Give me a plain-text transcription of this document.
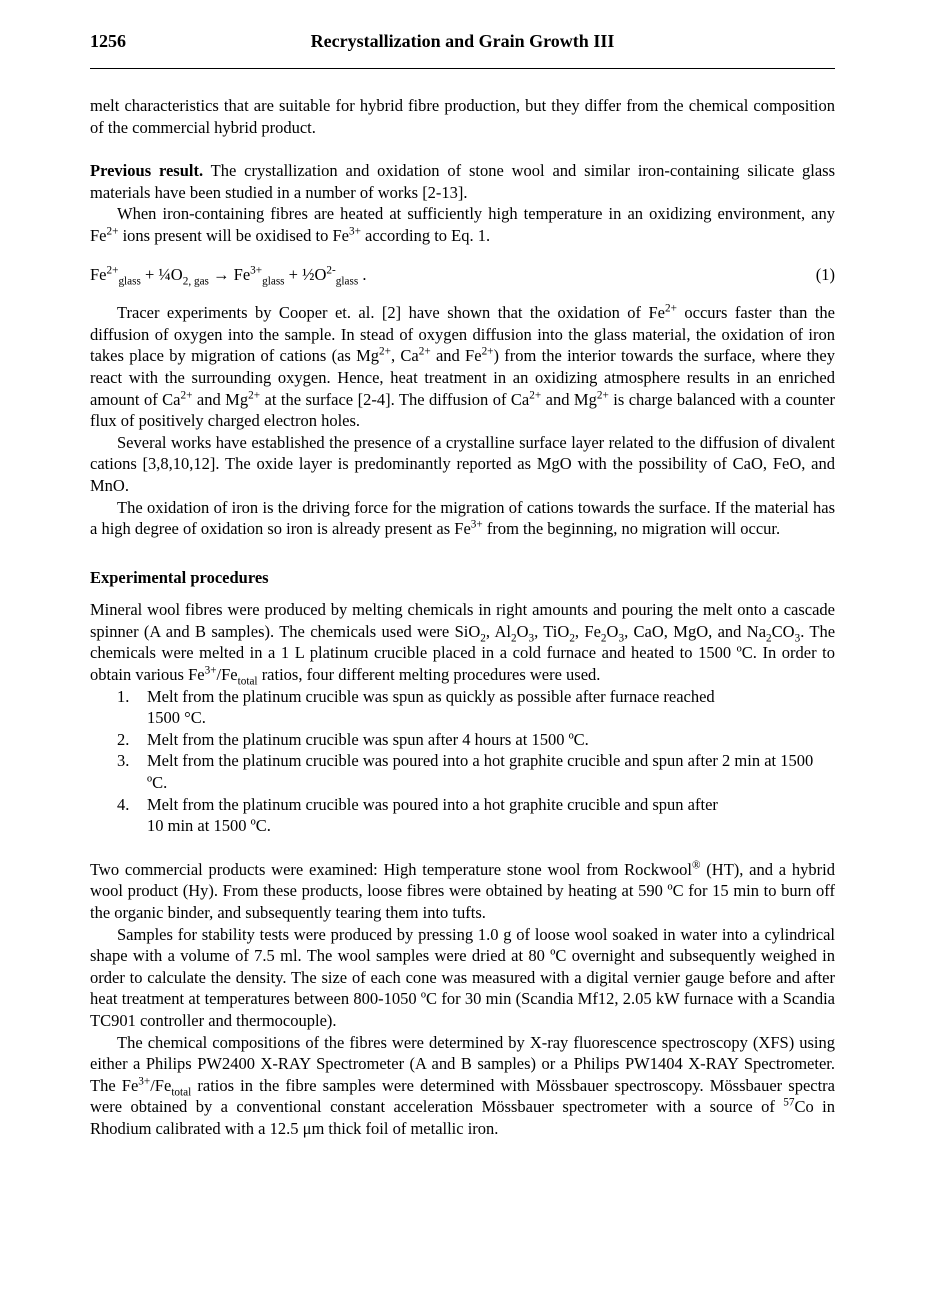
1256	Recrystallization and Grain Growth III

melt characteristics that are suitable for hybrid fibre production, but they differ from the chemical composition of the commercial hybrid product.

Previous result. The crystallization and oxidation of stone wool and similar iron-containing silicate glass materials have been studied in a number of works [2-13].

When iron-containing fibres are heated at sufficiently high temperature in an oxidizing environment, any $Fe^{2+}$ ions present will be oxidised to $Fe^{3+}$ according to Eq. 1.

$Fe^{2+}_{glass}$ + $\frac{1}{4}O_{2, gas} \to Fe^{3+}_{glass}$ + $\frac{1}{2}O^{2-}_{glass}$ .	(1)

Tracer experiments by Cooper et. al. [2] have shown that the oxidation of $Fe^{2+}$ occurs faster than the diffusion of oxygen into the sample. In stead of oxygen diffusion into the glass material, the oxidation of iron takes place by migration of cations (as $Mg^{2+}$, $Ca^{2+}$ and $Fe^{2+}$) from the interior towards the surface, where they react with the surrounding oxygen. Hence, heat treatment in an oxidizing atmosphere results in an enriched amount of $Ca^{2+}$ and $Mg^{2+}$ at the surface [2-4]. The diffusion of $Ca^{2+}$ and $Mg^{2+}$ is charge balanced with a counter flux of positively charged electron holes.

Several works have established the presence of a crystalline surface layer related to the diffusion of divalent cations [3,8,10,12]. The oxide layer is predominantly reported as MgO with the possibility of CaO, FeO, and MnO.

The oxidation of iron is the driving force for the migration of cations towards the surface. If the material has a high degree of oxidation so iron is already present as $Fe^{3+}$ from the beginning, no migration will occur.

Experimental procedures

Mineral wool fibres were produced by melting chemicals in right amounts and pouring the melt onto a cascade spinner (A and B samples). The chemicals used were SiO$_2$, $Al_2O_3$, TiO$_2$, $Fe_2O_3$, CaO, MgO, and $Na_2CO_3$. The chemicals were melted in a 1 L platinum crucible placed in a cold furnace and heated to 1500 ºC. In order to obtain various $Fe^{3+}/Fe_{total}$ ratios, four different melting procedures were used.

1.	Melt from the platinum crucible was spun as quickly as possible after furnace reached
1500 °C.
2.	Melt from the platinum crucible was spun after 4 hours at 1500 ºC.
3.	Melt from the platinum crucible was poured into a hot graphite crucible and spun after 2 min at 1500 ºC.
4.	Melt from the platinum crucible was poured into a hot graphite crucible and spun after
10 min at 1500 ºC.

Two commercial products were examined: High temperature stone wool from Rockwool® (HT), and a hybrid wool product (Hy). From these products, loose fibres were obtained by heating at 590 ºC for 15 min to burn off the organic binder, and subsequently tearing them into tufts.

Samples for stability tests were produced by pressing 1.0 g of loose wool soaked in water into a cylindrical shape with a volume of 7.5 ml. The wool samples were dried at 80 ºC overnight and subsequently weighed in order to calculate the density. The size of each cone was measured with a digital vernier gauge before and after heat treatment at temperatures between 800-1050 ºC for 30 min (Scandia Mf12, 2.05 kW furnace with a Scandia TC901 controller and thermocouple).

The chemical compositions of the fibres were determined by X-ray fluorescence spectroscopy (XFS) using either a Philips PW2400 X-RAY Spectrometer (A and B samples) or a Philips PW1404 X-RAY Spectrometer. The $Fe^{3+}/Fe_{total}$ ratios in the fibre samples were determined with Mössbauer spectroscopy. Mössbauer spectra were obtained by a conventional constant acceleration Mössbauer spectrometer with a source of $^{57}$Co in Rhodium calibrated with a 12.5 μm thick foil of metallic iron.
